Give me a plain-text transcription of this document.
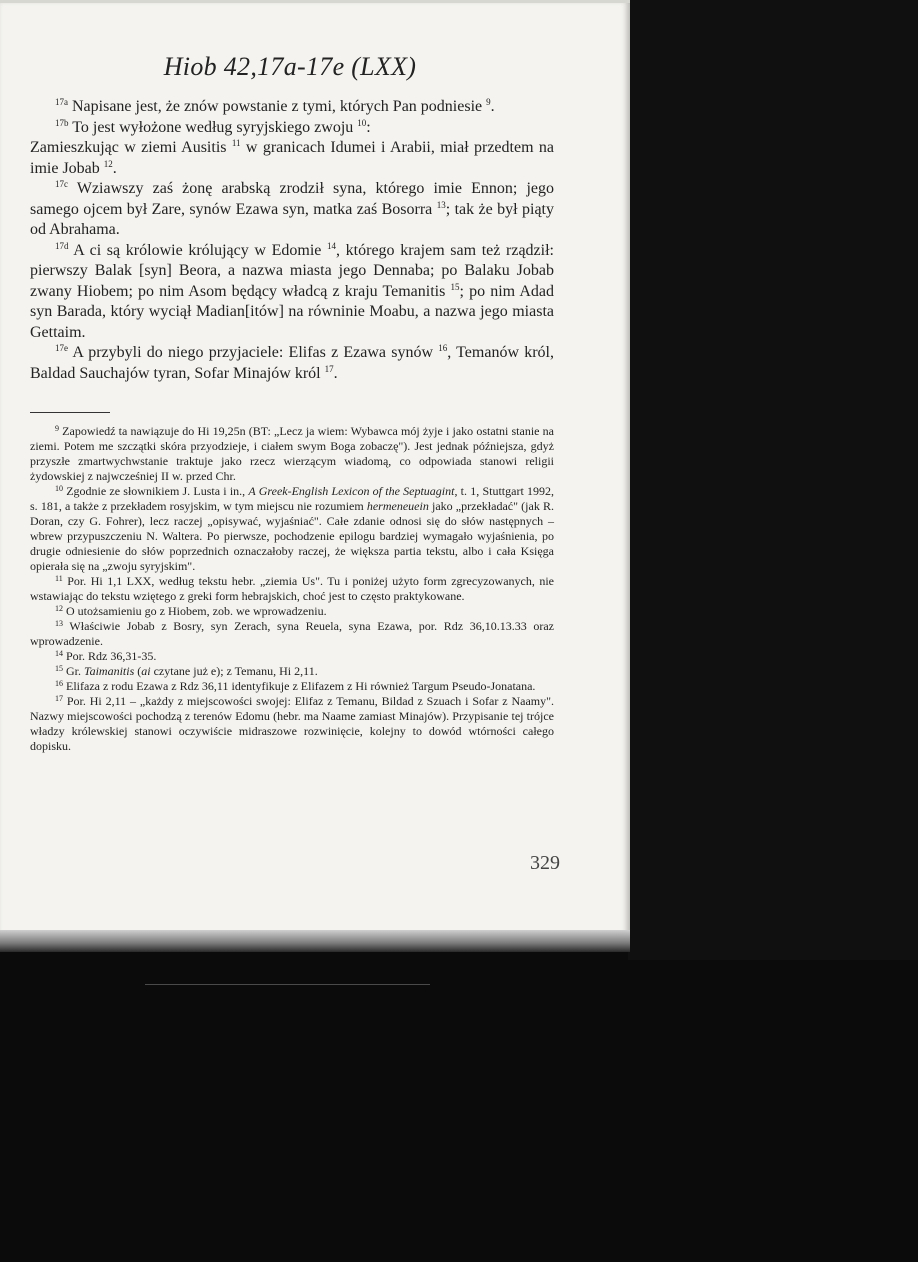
Hiob 42,17a-17e (LXX)

$^{17a}$ Napisane jest, że znów powstanie z tymi, których Pan podniesie $^9$.

$^{17b}$ To jest wyłożone według syryjskiego zwoju $^{10}$:

Zamieszkując w ziemi Ausitis $^{11}$ w granicach Idumei i Arabii, miał przedtem na imie Jobab $^{12}$.

$^{17c}$ Wziawszy zaś żonę arabską zrodził syna, którego imie Ennon; jego samego ojcem był Zare, synów Ezawa syn, matka zaś Bosorra $^{13}$; tak że był piąty od Abrahama.

$^{17d}$ A ci są królowie królujący w Edomie $^{14}$, którego krajem sam też rządził: pierwszy Balak [syn] Beora, a nazwa miasta jego Dennaba; po Balaku Jobab zwany Hiobem; po nim Asom będący władcą z kraju Temanitis $^{15}$; po nim Adad syn Barada, który wyciął Madian[itów] na równinie Moabu, a nazwa jego miasta Gettaim.

$^{17e}$ A przybyli do niego przyjaciele: Elifas z Ezawa synów $^{16}$, Temanów król, Baldad Sauchajów tyran, Sofar Minajów król $^{17}$.

$^9$ Zapowiedź ta nawiązuje do Hi 19,25n (BT: „Lecz ja wiem: Wybawca mój żyje i jako ostatni stanie na ziemi. Potem me szczątki skóra przyodzieje, i ciałem swym Boga zobaczę"). Jest jednak późniejsza, gdyż przyszłe zmartwychwstanie traktuje jako rzecz wierzącym wiadomą, co odpowiada stanowi religii żydowskiej z najwcześniej II w. przed Chr.

$^{10}$ Zgodnie ze słownikiem J. Lusta i in., A Greek-English Lexicon of the Septuagint, t. 1, Stuttgart 1992, s. 181, a także z przekładem rosyjskim, w tym miejscu nie rozumiem hermeneuein jako „przekładać" (jak R. Doran, czy G. Fohrer), lecz raczej „opisywać, wyjaśniać". Całe zdanie odnosi się do słów następnych – wbrew przypuszczeniu N. Waltera. Po pierwsze, pochodzenie epilogu bardziej wymagało wyjaśnienia, po drugie odniesienie do słów poprzednich oznaczałoby raczej, że większa partia tekstu, albo i cała Księga opierała się na „zwoju syryjskim".

$^{11}$ Por. Hi 1,1 LXX, według tekstu hebr. „ziemia Us". Tu i poniżej użyto form zgrecyzowanych, nie wstawiając do tekstu wziętego z greki form hebrajskich, choć jest to często praktykowane.

$^{12}$ O utożsamieniu go z Hiobem, zob. we wprowadzeniu.

$^{13}$ Właściwie Jobab z Bosry, syn Zerach, syna Reuela, syna Ezawa, por. Rdz 36,10.13.33 oraz wprowadzenie.

$^{14}$ Por. Rdz 36,31-35.

$^{15}$ Gr. Taimanitis (ai czytane już e); z Temanu, Hi 2,11.

$^{16}$ Elifaza z rodu Ezawa z Rdz 36,11 identyfikuje z Elifazem z Hi również Targum Pseudo-Jonatana.

$^{17}$ Por. Hi 2,11 – „każdy z miejscowości swojej: Elifaz z Temanu, Bildad z Szuach i Sofar z Naamy". Nazwy miejscowości pochodzą z terenów Edomu (hebr. ma Naame zamiast Minajów). Przypisanie tej trójce władzy królewskiej stanowi oczywiście midraszowe rozwinięcie, kolejny to dowód wtórności całego dopisku.

329
